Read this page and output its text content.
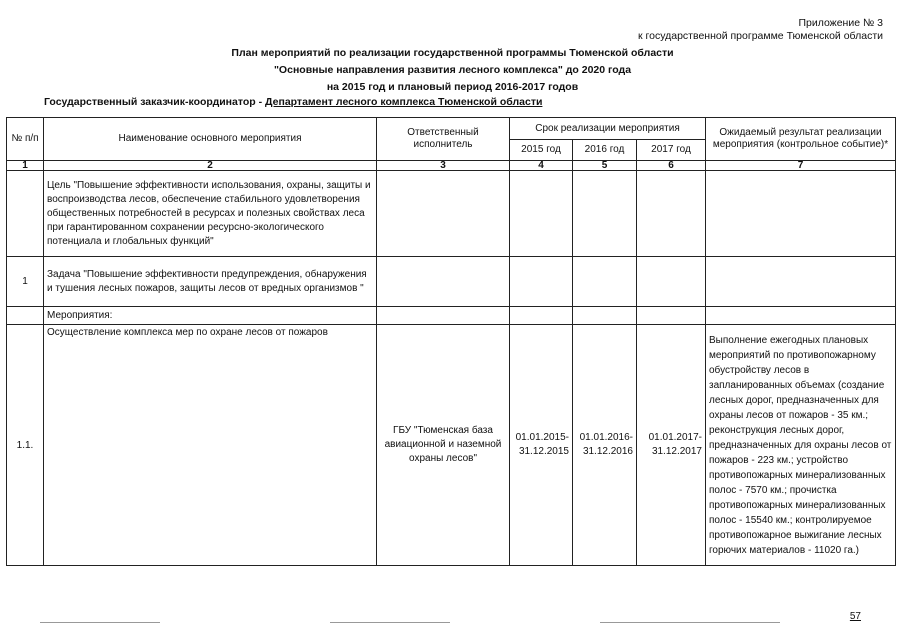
Приложение № 3
к государственной программе Тюменской области
План мероприятий по реализации государственной программы Тюменской области
"Основные направления развития лесного комплекса" до 2020 года
на 2015 год и плановый период 2016-2017 годов
Государственный заказчик-координатор - Департамент лесного комплекса Тюменской области
№ п/п	Наименование основного мероприятия	Ответственный исполнитель	Срок реализации мероприятия			Ожидаемый результат реализации мероприятия (контрольное событие)*
			2015 год	2016 год	2017 год	
1	2	3	4	5	6	7
	Цель "Повышение эффективности использования, охраны, защиты и воспроизводства лесов, обеспечение стабильного удовлетворения общественных потребностей в ресурсах и полезных свойствах леса при гарантированном сохранении ресурсно-экологического потенциала и глобальных функций"					
1	Задача "Повышение эффективности предупреждения, обнаружения и тушения лесных пожаров, защиты лесов от вредных организмов "					
	Мероприятия:					
1.1.	Осуществление комплекса мер по охране лесов от пожаров	ГБУ "Тюменская база авиационной и наземной охраны лесов"	01.01.2015-31.12.2015	01.01.2016-31.12.2016	01.01.2017-31.12.2017	Выполнение ежегодных плановых мероприятий по противопожарному обустройству лесов в запланированных объемах (создание лесных дорог, предназначенных для охраны лесов от пожаров - 35 км.; реконструкция лесных дорог, предназначенных для охраны лесов от пожаров - 223 км.; устройство противопожарных минерализованных полос - 7570 км.; прочистка противопожарных минерализованных полос - 15540 км.; контролируемое противопожарное выжигание лесных горючих материалов - 11020 га.)
57
